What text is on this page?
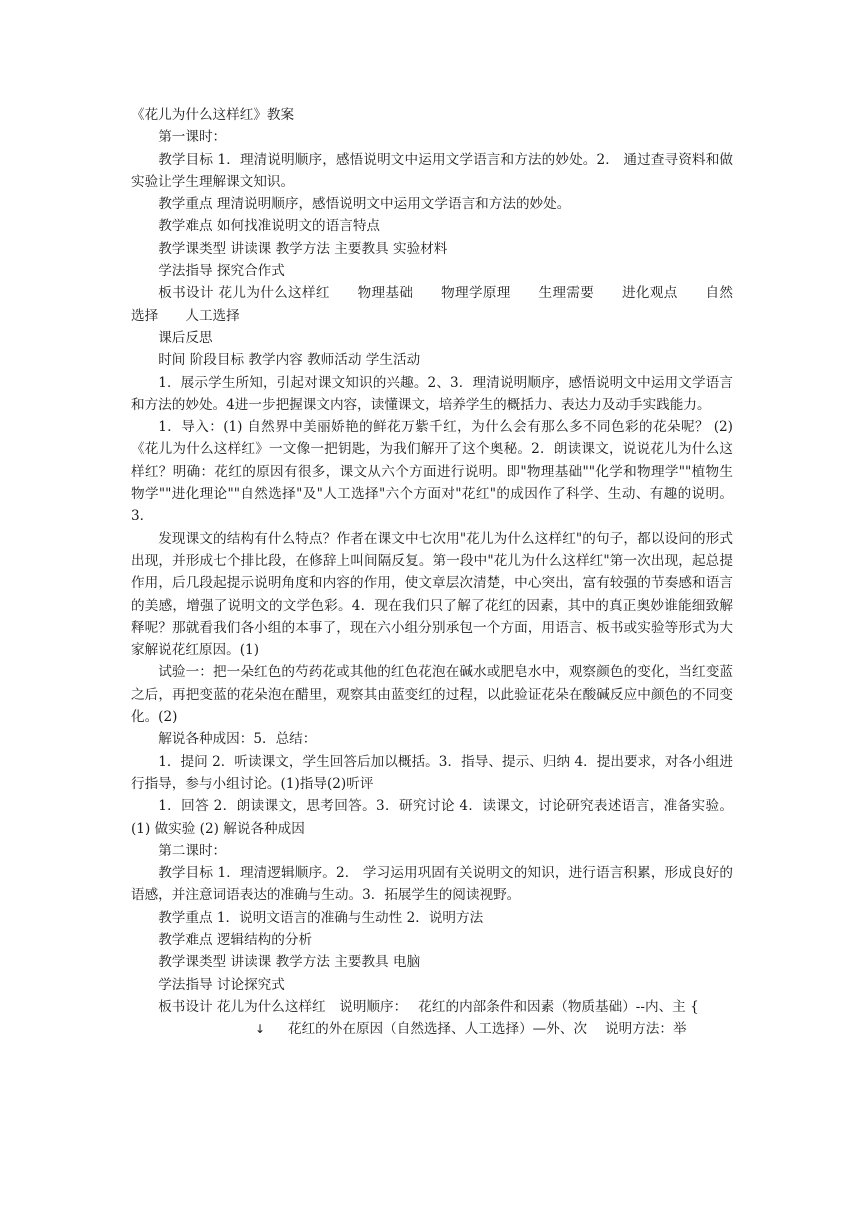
《花儿为什么这样红》教案

第一课时：

教学目标 1．理清说明顺序，感悟说明文中运用文学语言和方法的妙处。2． 通过查寻资料和做实验让学生理解课文知识。

教学重点 理清说明顺序，感悟说明文中运用文学语言和方法的妙处。

教学难点 如何找准说明文的语言特点

教学课类型 讲读课 教学方法 主要教具 实验材料

学法指导 探究合作式

板书设计 花儿为什么这样红　　物理基础　　物理学原理　　生理需要　　进化观点　　自然选择　　人工选择

课后反思

时间 阶段目标 教学内容 教师活动 学生活动

1．展示学生所知，引起对课文知识的兴趣。2、3．理清说明顺序，感悟说明文中运用文学语言和方法的妙处。4进一步把握课文内容，读懂课文，培养学生的概括力、表达力及动手实践能力。

1．导入：(1) 自然界中美丽娇艳的鲜花万紫千红，为什么会有那么多不同色彩的花朵呢？ (2)《花儿为什么这样红》一文像一把钥匙，为我们解开了这个奥秘。2．朗读课文，说说花儿为什么这样红？明确：花红的原因有很多，课文从六个方面进行说明。即"物理基础""化学和物理学""植物生物学""进化理论""自然选择"及"人工选择"六个方面对"花红"的成因作了科学、生动、有趣的说明。3．

发现课文的结构有什么特点？作者在课文中七次用"花儿为什么这样红"的句子，都以设问的形式出现，并形成七个排比段，在修辞上叫间隔反复。第一段中"花儿为什么这样红"第一次出现，起总提作用，后几段起提示说明角度和内容的作用，使文章层次清楚，中心突出，富有较强的节奏感和语言的美感，增强了说明文的文学色彩。4．现在我们只了解了花红的因素，其中的真正奥妙谁能细致解释呢？那就看我们各小组的本事了，现在六小组分别承包一个方面，用语言、板书或实验等形式为大家解说花红原因。(1)

试验一：把一朵红色的芍药花或其他的红色花泡在碱水或肥皂水中，观察颜色的变化，当红变蓝之后，再把变蓝的花朵泡在醋里，观察其由蓝变红的过程，以此验证花朵在酸碱反应中颜色的不同变化。(2)

解说各种成因：5．总结：

1．提问 2．听读课文，学生回答后加以概括。3．指导、提示、归纳 4．提出要求，对各小组进行指导，参与小组讨论。(1)指导(2)听评

1．回答 2．朗读课文，思考回答。3．研究讨论 4．读课文，讨论研究表述语言，准备实验。(1) 做实验 (2) 解说各种成因

第二课时：

教学目标 1．理清逻辑顺序。2． 学习运用巩固有关说明文的知识，进行语言积累，形成良好的语感，并注意词语表达的准确与生动。3．拓展学生的阅读视野。

教学重点 1．说明文语言的准确与生动性 2．说明方法

教学难点 逻辑结构的分析

教学课类型 讲读课 教学方法 主要教具 电脑

学法指导 讨论探究式

板书设计 花儿为什么这样红　说明顺序：　 花红的内部条件和因素（物质基础）--内、主 {

↓ 花红的外在原因（自然选择、人工选择）—外、次　 说明方法：举
